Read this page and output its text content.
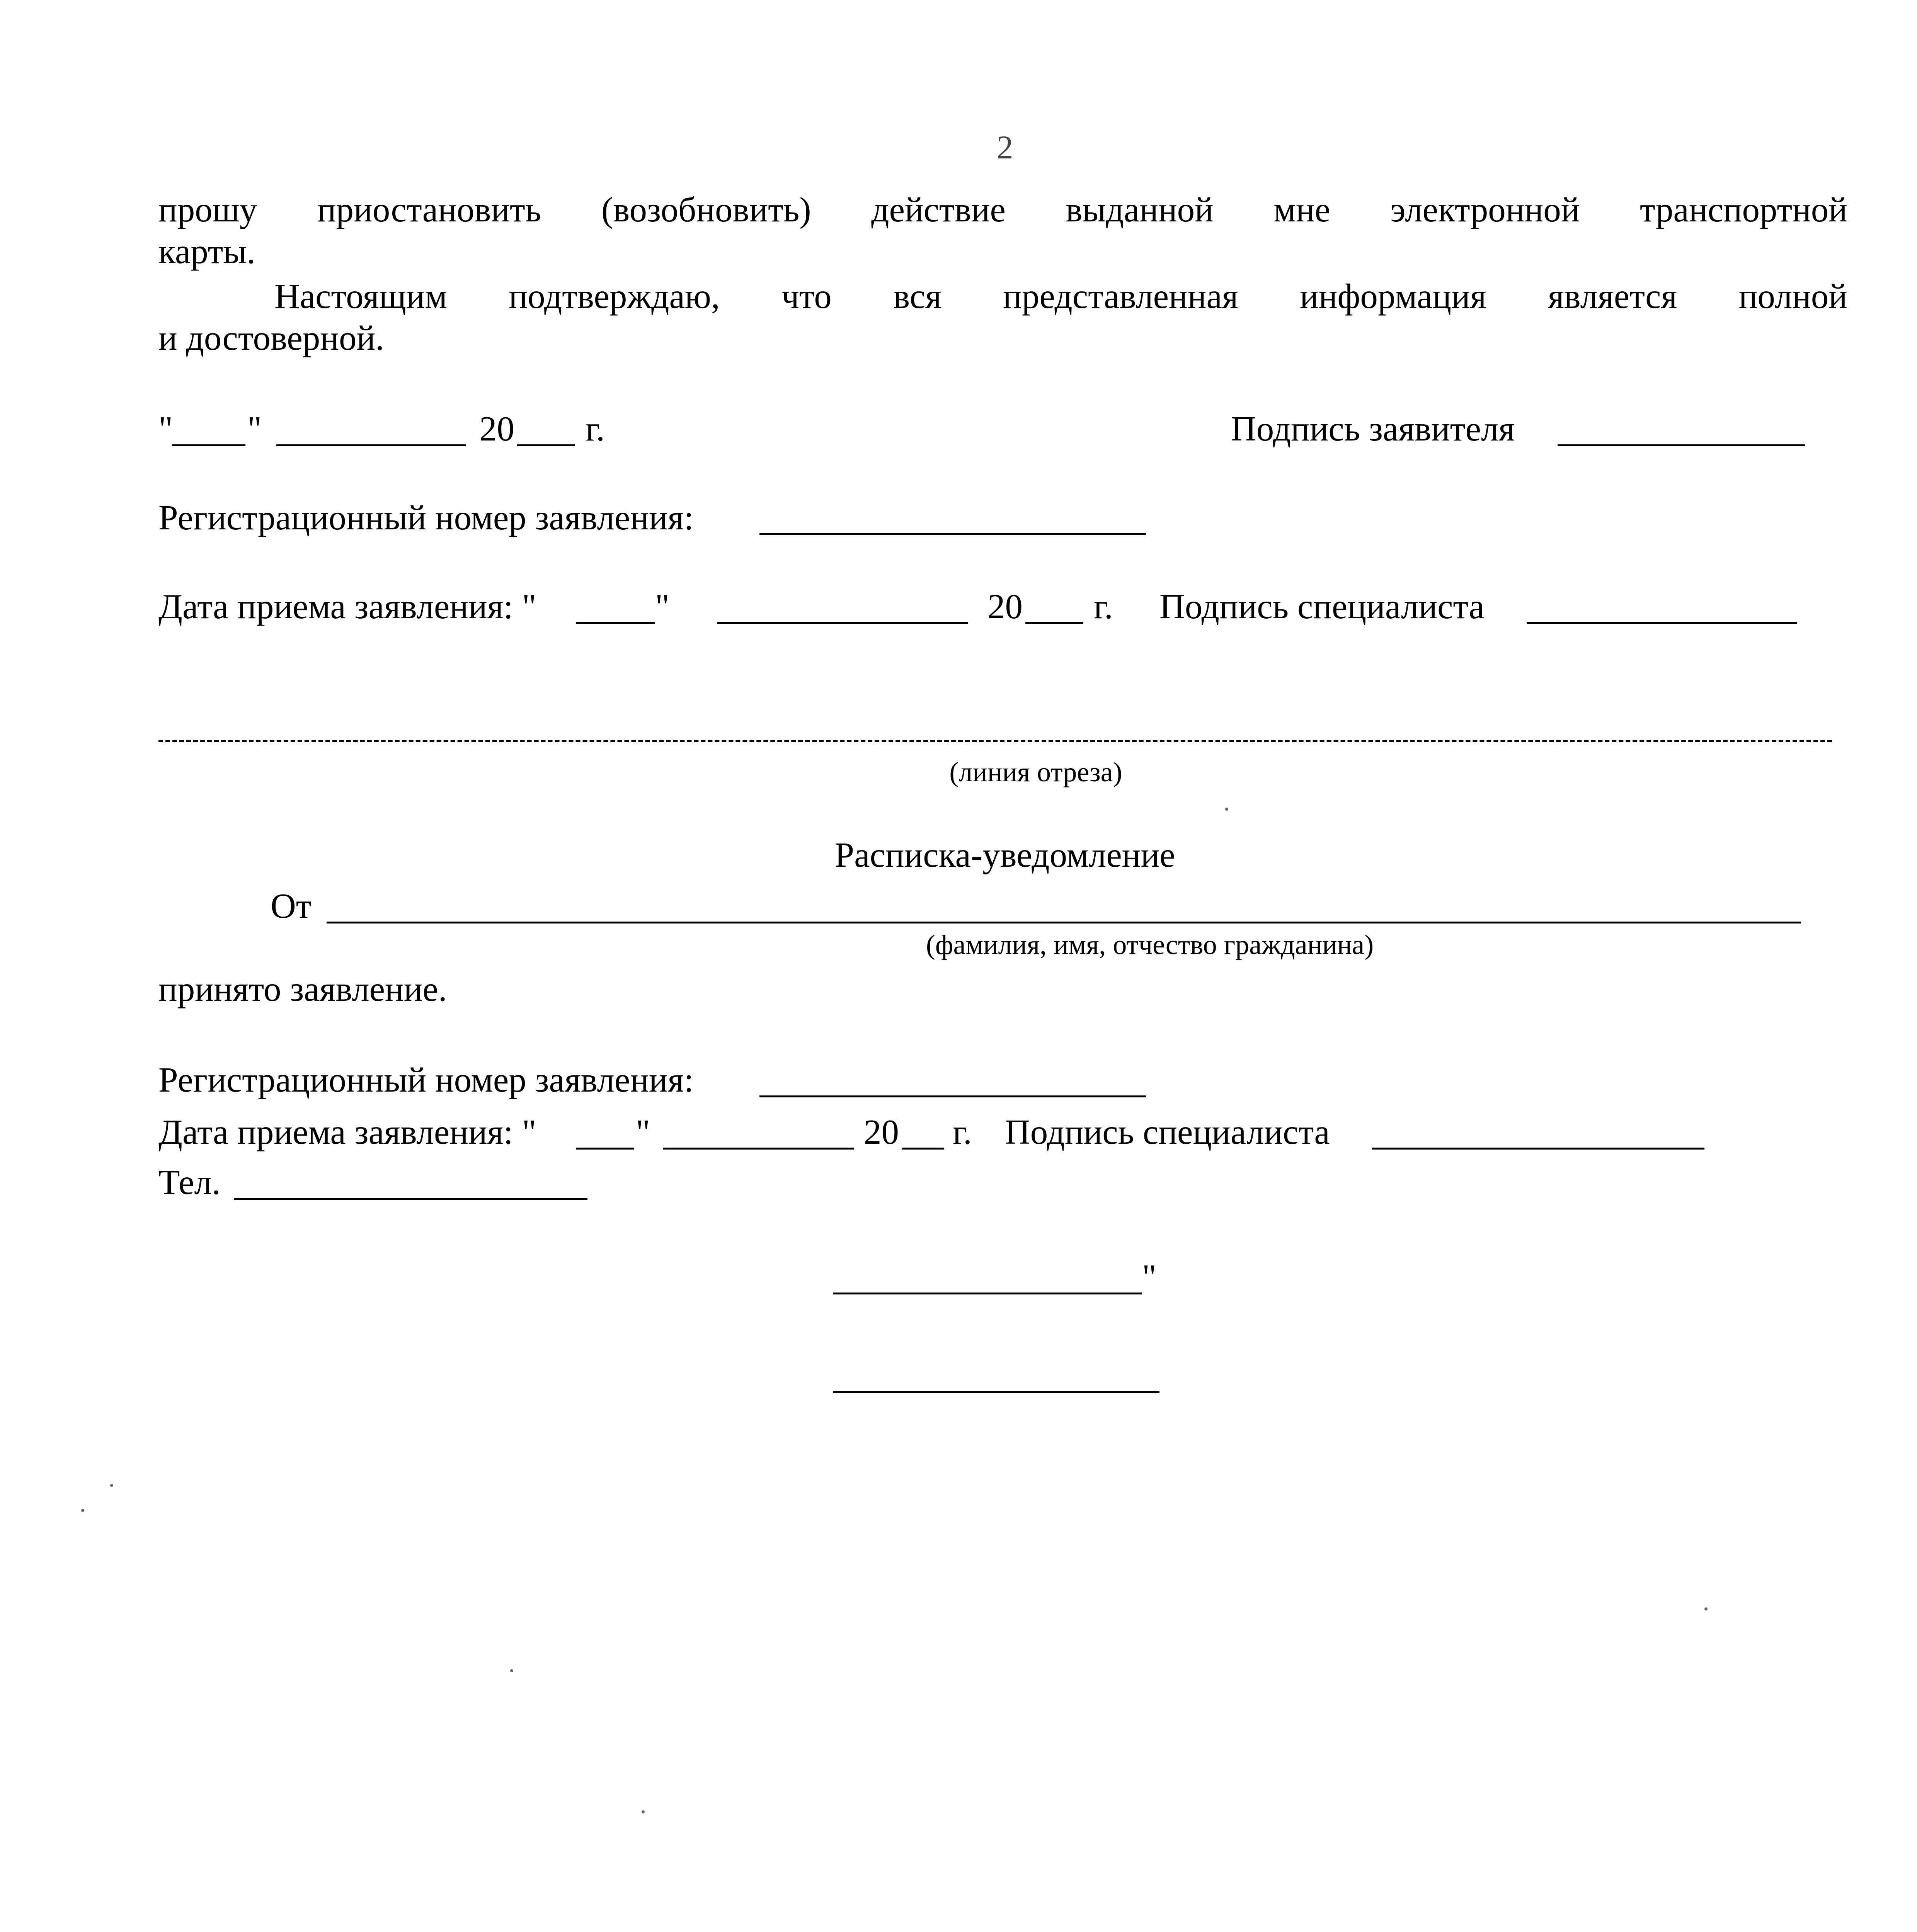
2
прошу приостановить (возобновить) действие выданной мне электронной транспортной
карты.
Настоящим подтверждаю, что вся представленная информация является полной
и достоверной.
" "	20 г.	Подпись заявителя
Регистрационный номер заявления:
Дата приема заявления: "	"	20 г. Подпись специалиста
(линия отреза)
Расписка-уведомление
От
(фамилия, имя, отчество гражданина)
принято заявление.
Регистрационный номер заявления:
Дата приема заявления: "	"	20 г. Подпись специалиста
Тел.
"
